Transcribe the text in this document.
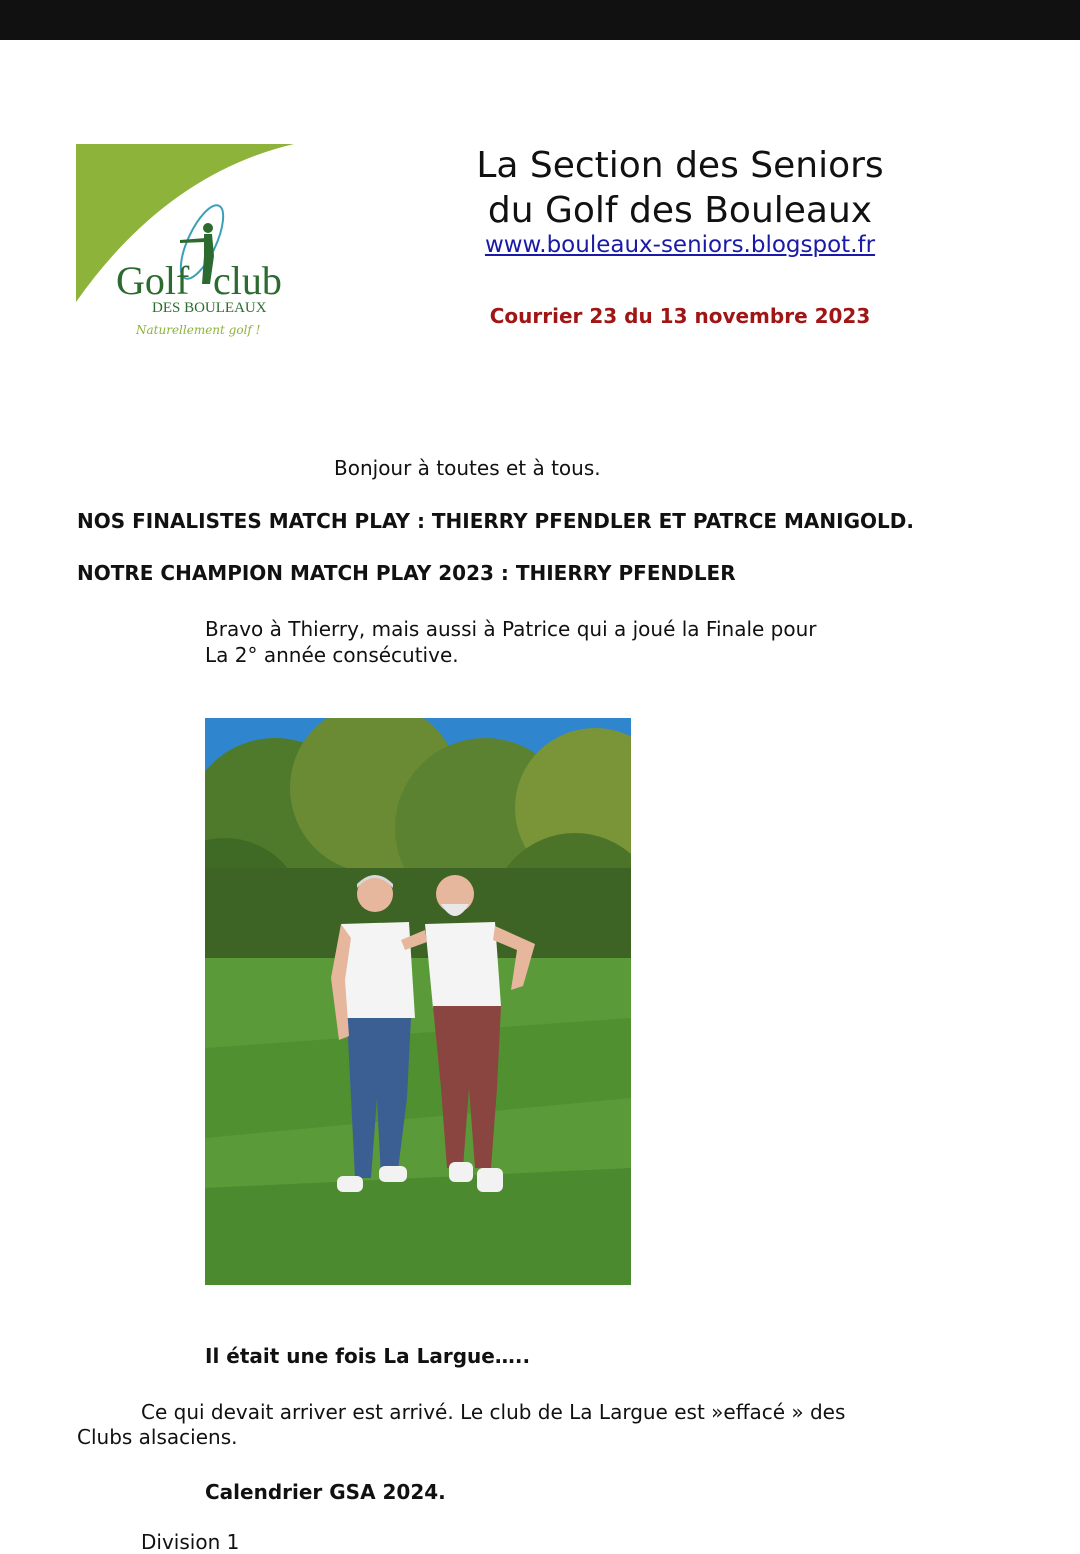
Golf club
DES BOULEAUX
Naturellement golf !
La Section des Seniors
du Golf des Bouleaux
www.bouleaux-seniors.blogspot.fr
Courrier 23 du 13 novembre 2023
Bonjour à toutes et à tous.
NOS FINALISTES MATCH PLAY : THIERRY PFENDLER ET PATRCE MANIGOLD.
NOTRE CHAMPION MATCH PLAY 2023 : THIERRY PFENDLER
Bravo à Thierry, mais aussi à Patrice qui a joué la Finale pour
La 2° année consécutive.
Il était une fois La Largue…..
Ce qui devait arriver est arrivé. Le club de La Largue est »effacé » des
Clubs alsaciens.
Calendrier GSA 2024.
Division 1
